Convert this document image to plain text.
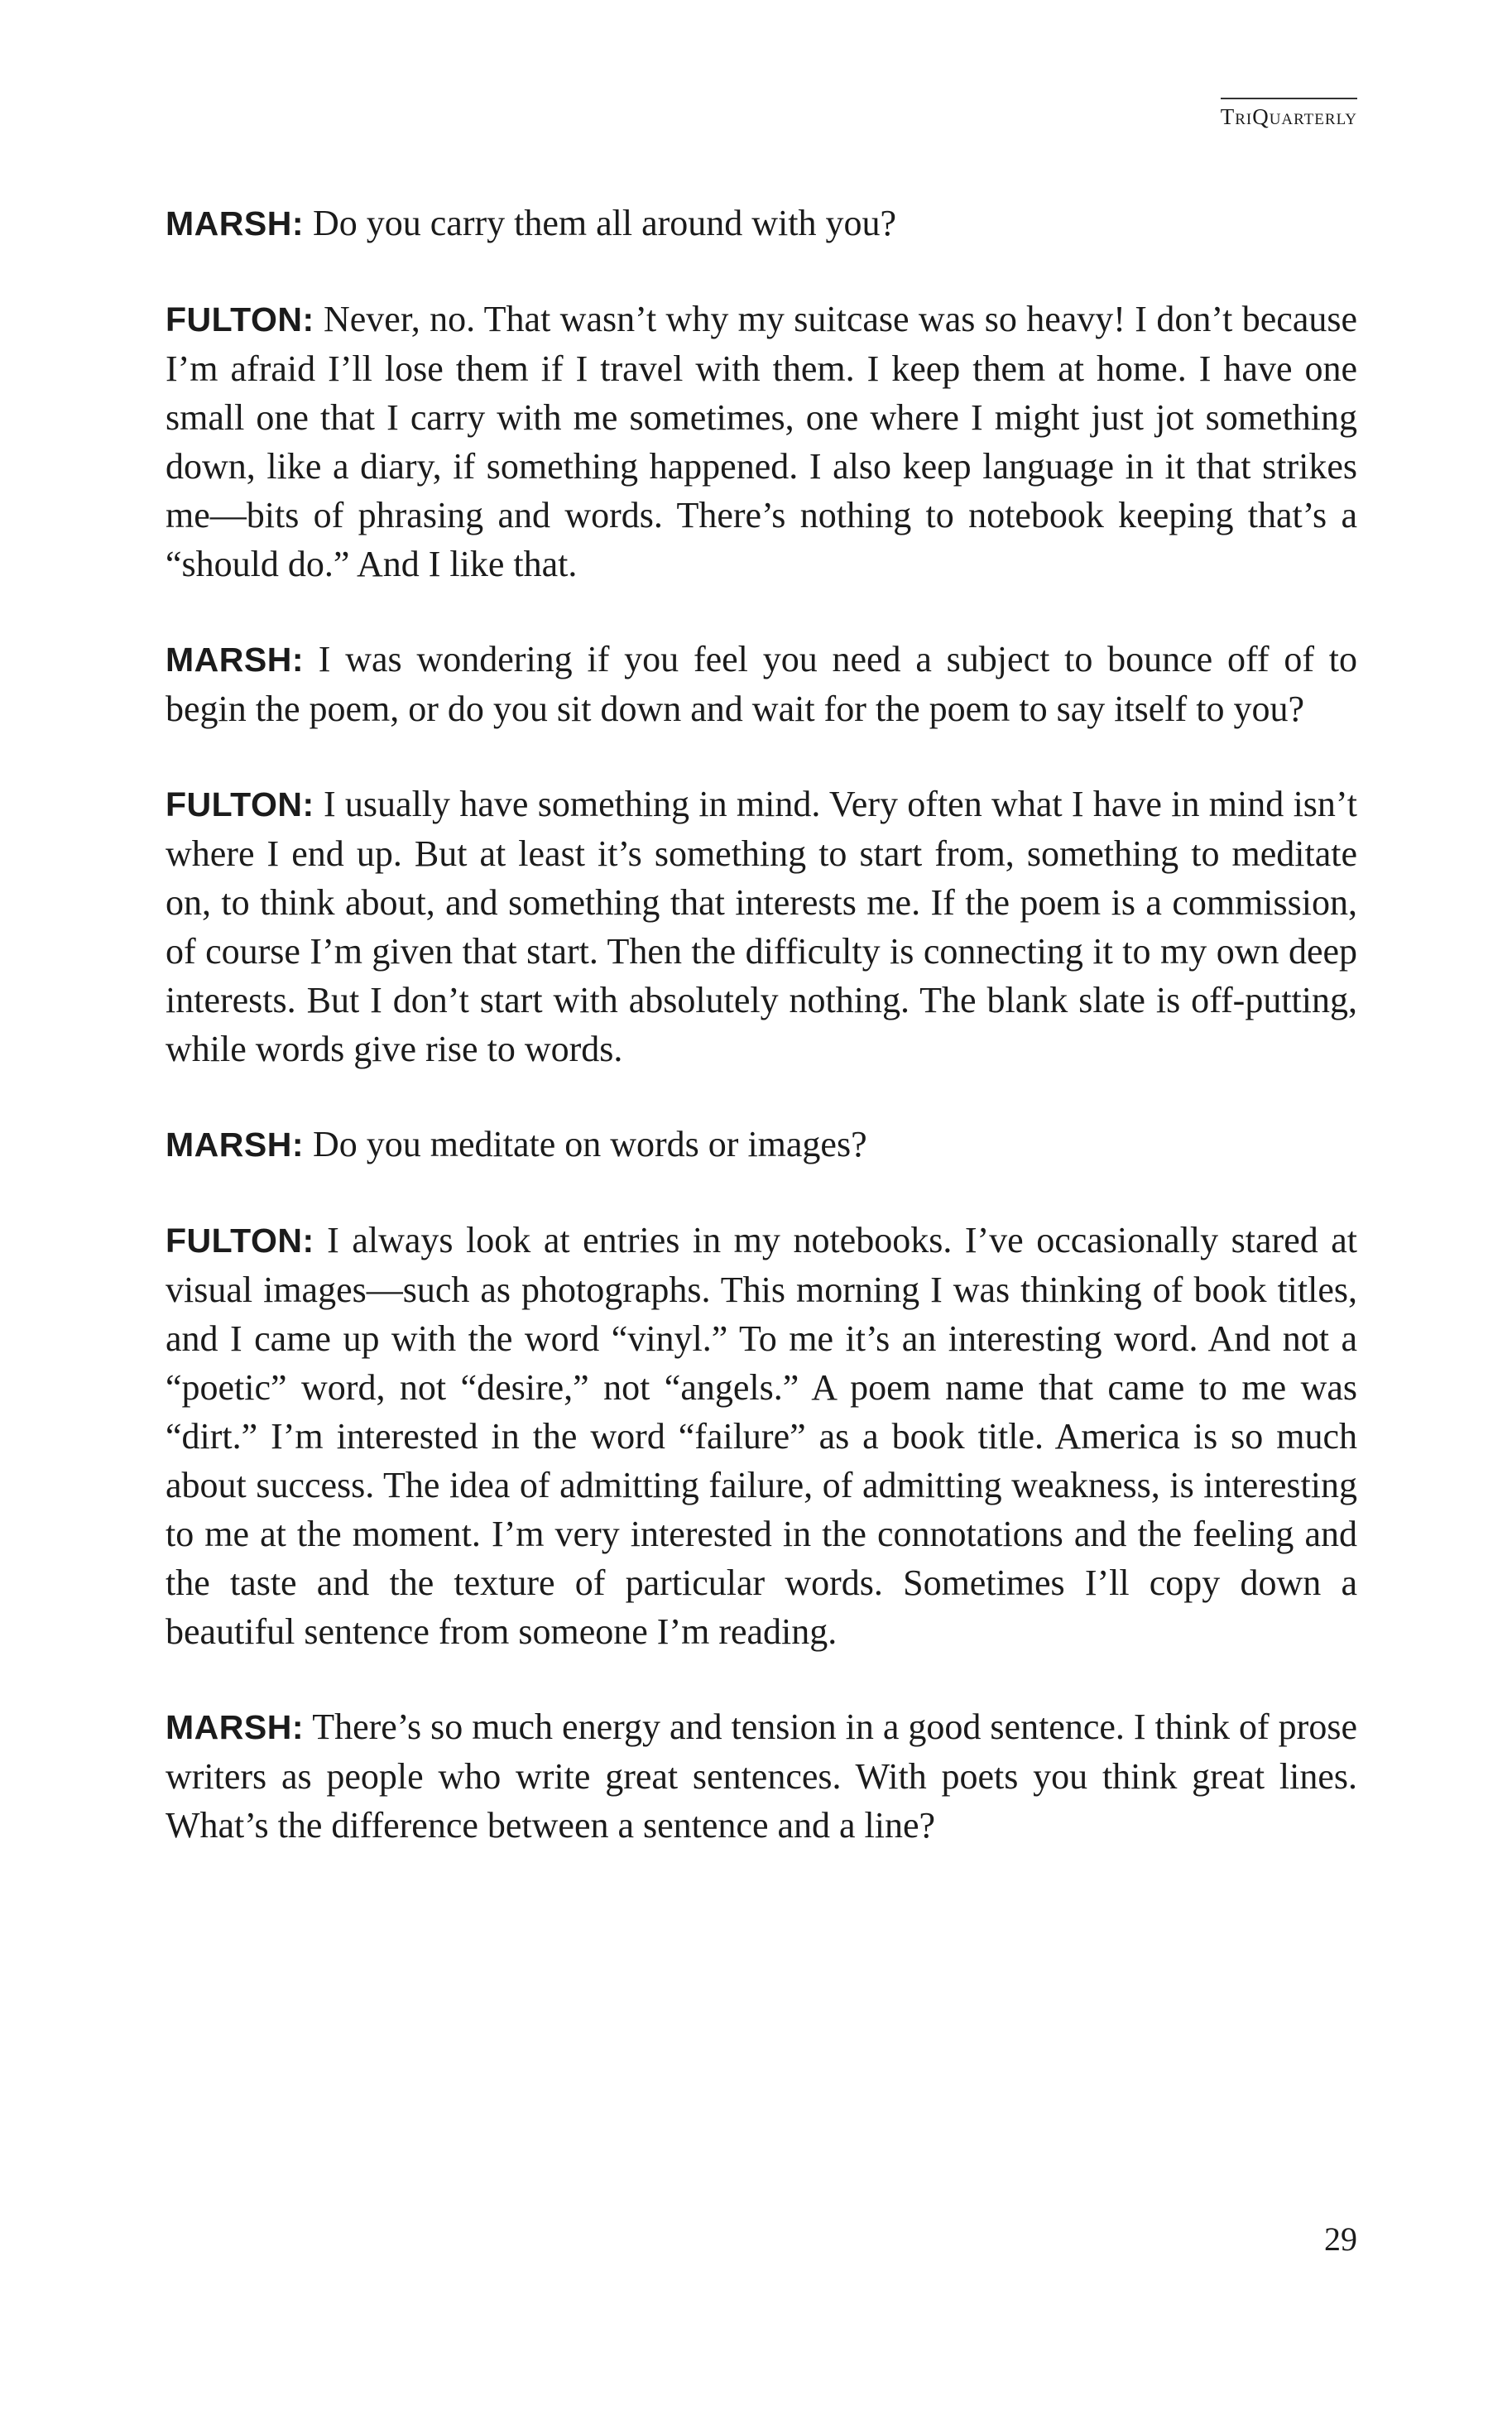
TriQuarterly

MARSH: Do you carry them all around with you?

FULTON: Never, no. That wasn’t why my suitcase was so heavy! I don’t because I’m afraid I’ll lose them if I travel with them. I keep them at home. I have one small one that I carry with me sometimes, one where I might just jot something down, like a diary, if something happened. I also keep language in it that strikes me—bits of phrasing and words. There’s nothing to notebook keeping that’s a “should do.” And I like that.

MARSH: I was wondering if you feel you need a subject to bounce off of to begin the poem, or do you sit down and wait for the poem to say itself to you?

FULTON: I usually have something in mind. Very often what I have in mind isn’t where I end up. But at least it’s something to start from, something to meditate on, to think about, and something that interests me. If the poem is a commission, of course I’m given that start. Then the difficulty is connecting it to my own deep interests. But I don’t start with absolutely nothing. The blank slate is off-putting, while words give rise to words.

MARSH: Do you meditate on words or images?

FULTON: I always look at entries in my notebooks. I’ve occasionally stared at visual images—such as photographs. This morning I was thinking of book titles, and I came up with the word “vinyl.” To me it’s an interesting word. And not a “poetic” word, not “desire,” not “angels.” A poem name that came to me was “dirt.” I’m interested in the word “failure” as a book title. America is so much about success. The idea of admitting failure, of admitting weakness, is interesting to me at the moment. I’m very interested in the connotations and the feeling and the taste and the texture of particular words. Sometimes I’ll copy down a beautiful sentence from someone I’m reading.

MARSH: There’s so much energy and tension in a good sentence. I think of prose writers as people who write great sentences. With poets you think great lines. What’s the difference between a sentence and a line?

29
